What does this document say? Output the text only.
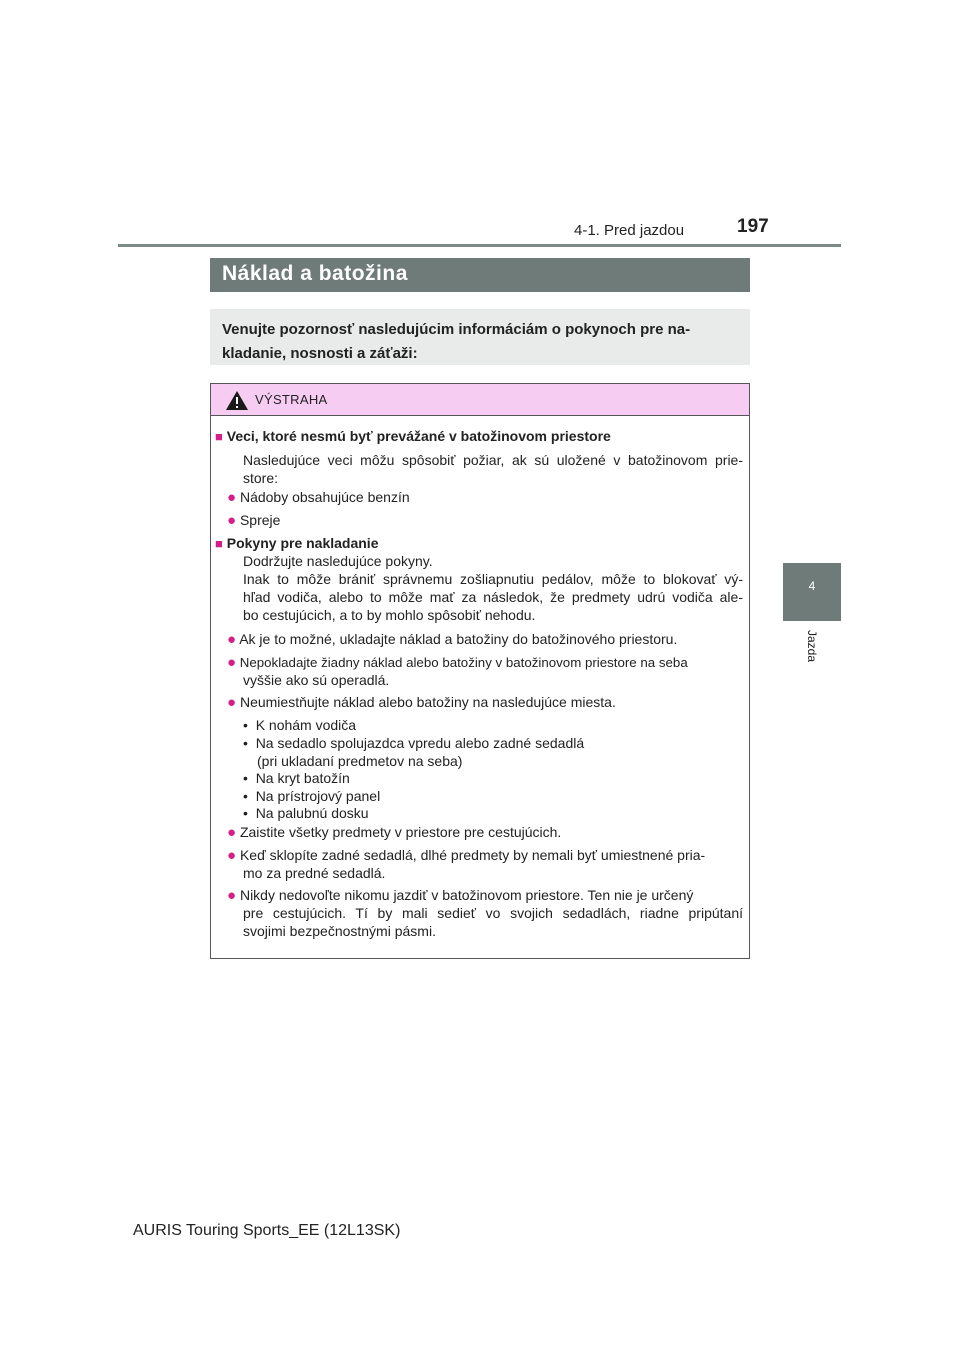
4-1. Pred jazdou	197
4
Jazda
Náklad a batožina
Venujte pozornosť nasledujúcim informáciám o pokynoch pre na-
kladanie, nosnosti a záťaži:
VÝSTRAHA
■ Veci, ktoré nesmú byť prevážané v batožinovom priestore
Nasledujúce veci môžu spôsobiť požiar, ak sú uložené v batožinovom prie-
store:
● Nádoby obsahujúce benzín
● Spreje
■ Pokyny pre nakladanie
Dodržujte nasledujúce pokyny.
Inak to môže brániť správnemu zošliapnutiu pedálov, môže to blokovať vý-
hľad vodiča, alebo to môže mať za následok, že predmety udrú vodiča ale-
bo cestujúcich, a to by mohlo spôsobiť nehodu.
● Ak je to možné, ukladajte náklad a batožiny do batožinového priestoru.
● Nepokladajte žiadny náklad alebo batožiny v batožinovom priestore na seba
vyššie ako sú operadlá.
● Neumiestňujte náklad alebo batožiny na nasledujúce miesta.
• K nohám vodiča
• Na sedadlo spolujazdca vpredu alebo zadné sedadlá
(pri ukladaní predmetov na seba)
• Na kryt batožín
• Na prístrojový panel
• Na palubnú dosku
● Zaistite všetky predmety v priestore pre cestujúcich.
● Keď sklopíte zadné sedadlá, dlhé predmety by nemali byť umiestnené pria-
mo za predné sedadlá.
● Nikdy nedovoľte nikomu jazdiť v batožinovom priestore. Ten nie je určený
pre cestujúcich. Tí by mali sedieť vo svojich sedadlách, riadne pripútaní
svojimi bezpečnostnými pásmi.
AURIS Touring Sports_EE (12L13SK)
